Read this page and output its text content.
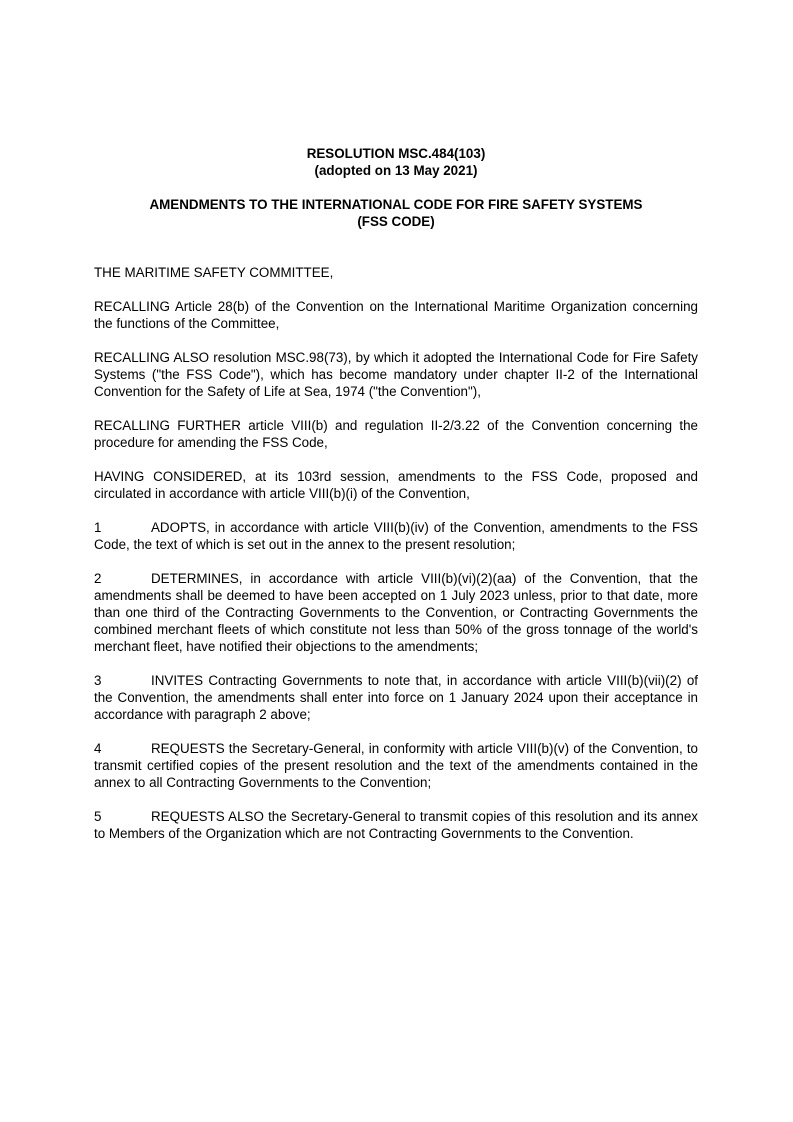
RESOLUTION MSC.484(103)
(adopted on 13 May 2021)
AMENDMENTS TO THE INTERNATIONAL CODE FOR FIRE SAFETY SYSTEMS
(FSS CODE)

THE MARITIME SAFETY COMMITTEE,

RECALLING Article 28(b) of the Convention on the International Maritime Organization concerning the functions of the Committee,

RECALLING ALSO resolution MSC.98(73), by which it adopted the International Code for Fire Safety Systems ("the FSS Code"), which has become mandatory under chapter II-2 of the International Convention for the Safety of Life at Sea, 1974 ("the Convention"),

RECALLING FURTHER article VIII(b) and regulation II-2/3.22 of the Convention concerning the procedure for amending the FSS Code,

HAVING CONSIDERED, at its 103rd session, amendments to the FSS Code, proposed and circulated in accordance with article VIII(b)(i) of the Convention,

1	ADOPTS, in accordance with article VIII(b)(iv) of the Convention, amendments to the FSS Code, the text of which is set out in the annex to the present resolution;

2	DETERMINES, in accordance with article VIII(b)(vi)(2)(aa) of the Convention, that the amendments shall be deemed to have been accepted on 1 July 2023 unless, prior to that date, more than one third of the Contracting Governments to the Convention, or Contracting Governments the combined merchant fleets of which constitute not less than 50% of the gross tonnage of the world's merchant fleet, have notified their objections to the amendments;

3	INVITES Contracting Governments to note that, in accordance with article VIII(b)(vii)(2) of the Convention, the amendments shall enter into force on 1 January 2024 upon their acceptance in accordance with paragraph 2 above;

4	REQUESTS the Secretary-General, in conformity with article VIII(b)(v) of the Convention, to transmit certified copies of the present resolution and the text of the amendments contained in the annex to all Contracting Governments to the Convention;

5	REQUESTS ALSO the Secretary-General to transmit copies of this resolution and its annex to Members of the Organization which are not Contracting Governments to the Convention.
